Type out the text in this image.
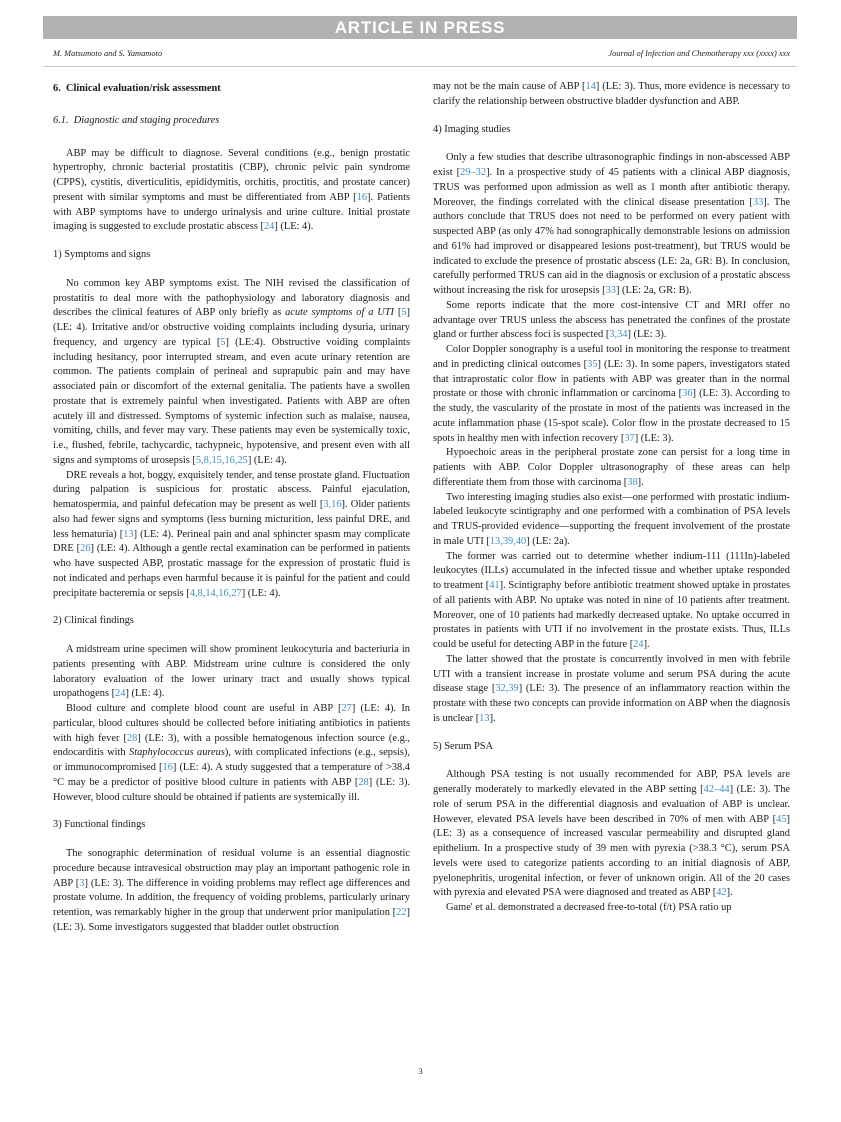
ARTICLE IN PRESS
M. Matsumoto and S. Yamamoto	Journal of Infection and Chemotherapy xxx (xxxx) xxx
6. Clinical evaluation/risk assessment
6.1. Diagnostic and staging procedures
ABP may be difficult to diagnose. Several conditions (e.g., benign prostatic hypertrophy, chronic bacterial prostatitis (CBP), chronic pelvic pain syndrome (CPPS), cystitis, diverticulitis, epididymitis, orchitis, proctitis, and prostate cancer) present with similar symptoms and must be differentiated from ABP [16]. Patients with ABP symptoms have to undergo urinalysis and urine culture. Initial prostate imaging is suggested to exclude prostatic abscess [24] (LE: 4).
1) Symptoms and signs
No common key ABP symptoms exist. The NIH revised the classification of prostatitis to deal more with the pathophysiology and laboratory diagnosis and describes the clinical features of ABP only briefly as acute symptoms of a UTI [5] (LE: 4). Irritative and/or obstructive voiding complaints including dysuria, urinary frequency, and urgency are typical [5] (LE:4). Obstructive voiding complaints including hesitancy, poor interrupted stream, and even acute urinary retention are common. The patients complain of perineal and suprapubic pain and may have associated pain or discomfort of the external genitalia. The patients have a swollen prostate that is extremely painful when investigated. Patients with ABP are often acutely ill and distressed. Symptoms of systemic infection such as malaise, nausea, vomiting, chills, and fever may vary. These patients may even be systemically toxic, i.e., flushed, febrile, tachycardic, tachypneic, hypotensive, and present even with all signs and symptoms of urosepsis [5,8,15,16,25] (LE: 4).
DRE reveals a hot, boggy, exquisitely tender, and tense prostate gland. Fluctuation during palpation is suspicious for prostatic abscess. Painful ejaculation, hematospermia, and painful defecation may be present as well [3,16]. Older patients also had fewer signs and symptoms (less burning micturition, less painful DRE, and less hematuria) [13] (LE: 4). Perineal pain and anal sphincter spasm may complicate DRE [26] (LE: 4). Although a gentle rectal examination can be performed in patients who have suspected ABP, prostatic massage for the expression of prostatic fluid is not indicated and perhaps even harmful because it is painful for the patient and could precipitate bacteremia or sepsis [4,8,14,16,27] (LE: 4).
2) Clinical findings
A midstream urine specimen will show prominent leukocyturia and bacteriuria in patients presenting with ABP. Midstream urine culture is considered the only laboratory evaluation of the lower urinary tract and usually shows typical uropathogens [24] (LE: 4).
Blood culture and complete blood count are useful in ABP [27] (LE: 4). In particular, blood cultures should be collected before initiating antibiotics in patients with high fever [28] (LE: 3), with a possible hematogenous infection source (e.g., endocarditis with Staphylococcus aureus), with complicated infections (e.g., sepsis), or immunocompromised [16] (LE: 4). A study suggested that a temperature of >38.4 °C may be a predictor of positive blood culture in patients with ABP [28] (LE: 3). However, blood culture should be obtained if patients are systemically ill.
3) Functional findings
The sonographic determination of residual volume is an essential diagnostic procedure because intravesical obstruction may play an important pathogenic role in ABP [3] (LE: 3). The difference in voiding problems may reflect age differences and prostate volume. In addition, the frequency of voiding problems, particularly urinary retention, was remarkably higher in the group that underwent prior manipulation [22] (LE: 3). Some investigators suggested that bladder outlet obstruction
may not be the main cause of ABP [14] (LE: 3). Thus, more evidence is necessary to clarify the relationship between obstructive bladder dysfunction and ABP.
4) Imaging studies
Only a few studies that describe ultrasonographic findings in non-abscessed ABP exist [29–32]. In a prospective study of 45 patients with a clinical ABP diagnosis, TRUS was performed upon admission as well as 1 month after antibiotic therapy. Moreover, the findings correlated with the clinical disease presentation [33]. The authors conclude that TRUS does not need to be performed on every patient with suspected ABP (as only 47% had sonographically demonstrable lesions on admission and 61% had improved or disappeared lesions post-treatment), but TRUS would be indicated to exclude the presence of prostatic abscess (LE: 2a, GR: B). In conclusion, carefully performed TRUS can aid in the diagnosis or exclusion of a prostatic abscess without increasing the risk for urosepsis [33] (LE: 2a, GR: B).
Some reports indicate that the more cost-intensive CT and MRI offer no advantage over TRUS unless the abscess has penetrated the confines of the prostate gland or further abscess foci is suspected [3,34] (LE: 3).
Color Doppler sonography is a useful tool in monitoring the response to treatment and in predicting clinical outcomes [35] (LE: 3). In some papers, investigators stated that intraprostatic color flow in patients with ABP was greater than in the normal prostate or those with chronic inflammation or carcinoma [36] (LE: 3). According to the study, the vascularity of the prostate in most of the patients was increased in the acute inflammation phase (15-spot scale). Color flow in the prostate decreased to 15 spots in healthy men with infection recovery [37] (LE: 3).
Hypoechoic areas in the peripheral prostate zone can persist for a long time in patients with ABP. Color Doppler ultrasonography of these areas can help differentiate them from those with carcinoma [38].
Two interesting imaging studies also exist—one performed with prostatic indium-labeled leukocyte scintigraphy and one performed with a combination of PSA levels and TRUS-provided evidence—supporting the frequent involvement of the prostate in male UTI [13,39,40] (LE: 2a).
The former was carried out to determine whether indium-111 (111In)-labeled leukocytes (ILLs) accumulated in the infected tissue and whether uptake responded to treatment [41]. Scintigraphy before antibiotic treatment showed uptake in prostates of all patients with ABP. No uptake was noted in nine of 10 patients after treatment. Moreover, one of 10 patients had markedly decreased uptake. No uptake occurred in prostates in patients with UTI if no involvement in the prostate exists. Thus, ILLs could be useful for detecting ABP in the future [24].
The latter showed that the prostate is concurrently involved in men with febrile UTI with a transient increase in prostate volume and serum PSA during the acute disease stage [32,39] (LE: 3). The presence of an inflammatory reaction within the prostate with these two concepts can provide information on ABP when the diagnosis is unclear [13].
5) Serum PSA
Although PSA testing is not usually recommended for ABP, PSA levels are generally moderately to markedly elevated in the ABP setting [42–44] (LE: 3). The role of serum PSA in the differential diagnosis and evaluation of ABP is unclear. However, elevated PSA levels have been described in 70% of men with ABP [45] (LE: 3) as a consequence of increased vascular permeability and disrupted gland epithelium. In a prospective study of 39 men with pyrexia (>38.3 °C), serum PSA levels were used to categorize patients according to an initial diagnosis of ABP, pyelonephritis, urogenital infection, or fever of unknown origin. All of the 20 cases with pyrexia and elevated PSA were diagnosed and treated as ABP [42].
Game' et al. demonstrated a decreased free-to-total (f/t) PSA ratio up
3
